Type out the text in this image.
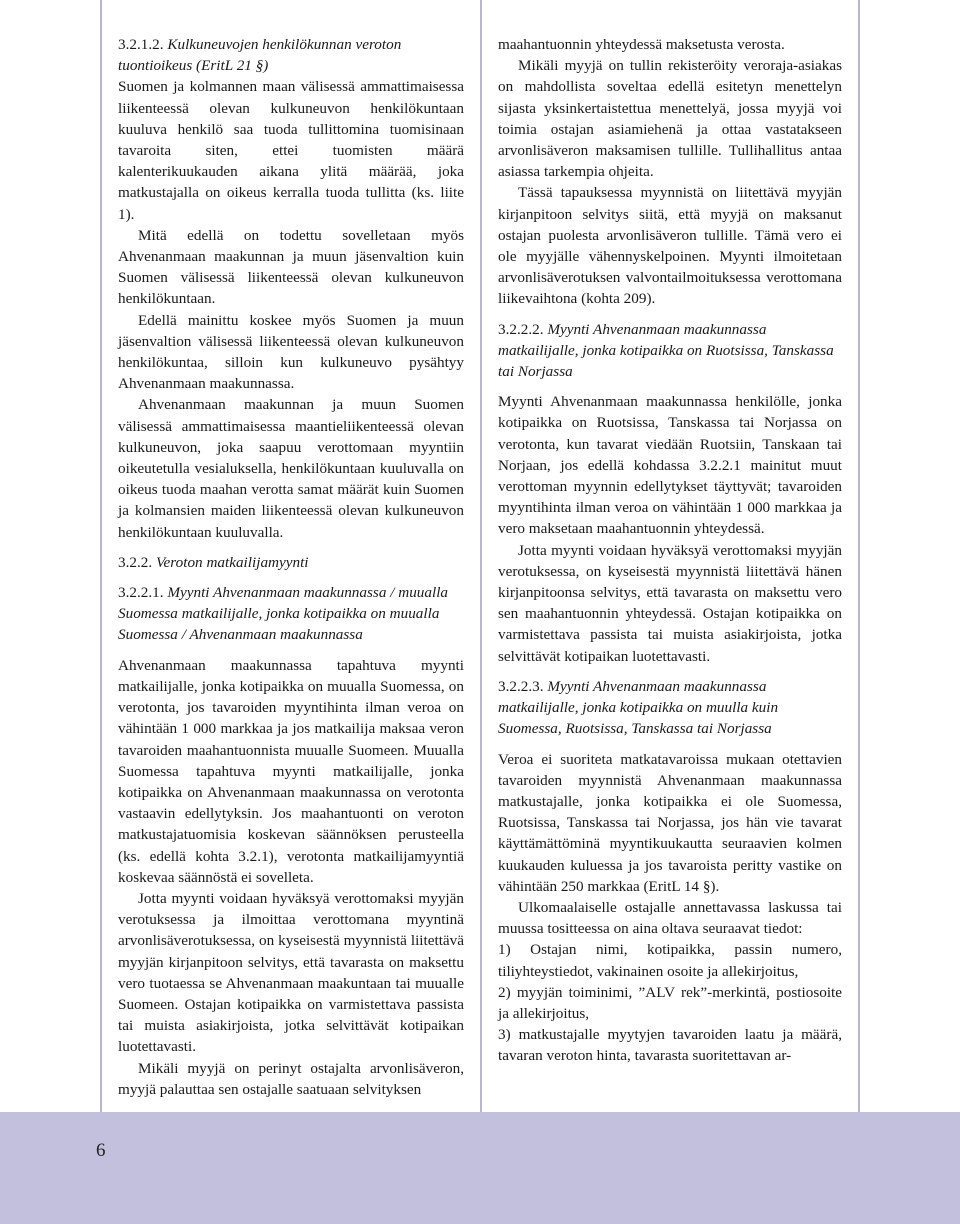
3.2.1.2. Kulkuneuvojen henkilökunnan veroton tuontioikeus (EritL 21 §)

Suomen ja kolmannen maan välisessä ammattimaisessa liikenteessä olevan kulkuneuvon henkilökuntaan kuuluva henkilö saa tuoda tullittomina tuomisinaan tavaroita siten, ettei tuomisten määrä kalenterikuukauden aikana ylitä määrää, joka matkustajalla on oikeus kerralla tuoda tullitta (ks. liite 1).

Mitä edellä on todettu sovelletaan myös Ahvenanmaan maakunnan ja muun jäsenvaltion kuin Suomen välisessä liikenteessä olevan kulkuneuvon henkilökuntaan.

Edellä mainittu koskee myös Suomen ja muun jäsenvaltion välisessä liikenteessä olevan kulkuneuvon henkilökuntaa, silloin kun kulkuneuvo pysähtyy Ahvenanmaan maakunnassa.

Ahvenanmaan maakunnan ja muun Suomen välisessä ammattimaisessa maantieliikenteessä olevan kulkuneuvon, joka saapuu verottomaan myyntiin oikeutetulla vesialuksella, henkilökuntaan kuuluvalla on oikeus tuoda maahan verotta samat määrät kuin Suomen ja kolmansien maiden liikenteessä olevan kulkuneuvon henkilökuntaan kuuluvalla.

3.2.2. Veroton matkailijamyynti
3.2.2.1. Myynti Ahvenanmaan maakunnassa / muualla Suomessa matkailijalle, jonka kotipaikka on muualla Suomessa / Ahvenanmaan maakunnassa

Ahvenanmaan maakunnassa tapahtuva myynti matkailijalle, jonka kotipaikka on muualla Suomessa, on verotonta, jos tavaroiden myyntihinta ilman veroa on vähintään 1 000 markkaa ja jos matkailija maksaa veron tavaroiden maahantuonnista muualle Suomeen. Muualla Suomessa tapahtuva myynti matkailijalle, jonka kotipaikka on Ahvenanmaan maakunnassa on verotonta vastaavin edellytyksin. Jos maahantuonti on veroton matkustajatuomisia koskevan säännöksen perusteella (ks. edellä kohta 3.2.1), verotonta matkailijamyyntiä koskevaa säännöstä ei sovelleta.

Jotta myynti voidaan hyväksyä verottomaksi myyjän verotuksessa ja ilmoittaa verottomana myyntinä arvonlisäverotuksessa, on kyseisestä myynnistä liitettävä myyjän kirjanpitoon selvitys, että tavarasta on maksettu vero tuotaessa se Ahvenanmaan maakuntaan tai muualle Suomeen. Ostajan kotipaikka on varmistettava passista tai muista asiakirjoista, jotka selvittävät kotipaikan luotettavasti.

Mikäli myyjä on perinyt ostajalta arvonlisäveron, myyjä palauttaa sen ostajalle saatuaan selvityksen

maahantuonnin yhteydessä maksetusta verosta.

Mikäli myyjä on tullin rekisteröity veroraja-asiakas on mahdollista soveltaa edellä esitetyn menettelyn sijasta yksinkertaistettua menettelyä, jossa myyjä voi toimia ostajan asiamiehenä ja ottaa vastatakseen arvonlisäveron maksamisen tullille. Tullihallitus antaa asiassa tarkempia ohjeita.

Tässä tapauksessa myynnistä on liitettävä myyjän kirjanpitoon selvitys siitä, että myyjä on maksanut ostajan puolesta arvonlisäveron tullille. Tämä vero ei ole myyjälle vähennyskelpoinen. Myynti ilmoitetaan arvonlisäverotuksen valvontailmoituksessa verottomana liikevaihtona (kohta 209).

3.2.2.2. Myynti Ahvenanmaan maakunnassa matkailijalle, jonka kotipaikka on Ruotsissa, Tanskassa tai Norjassa

Myynti Ahvenanmaan maakunnassa henkilölle, jonka kotipaikka on Ruotsissa, Tanskassa tai Norjassa on verotonta, kun tavarat viedään Ruotsiin, Tanskaan tai Norjaan, jos edellä kohdassa 3.2.2.1 mainitut muut verottoman myynnin edellytykset täyttyvät; tavaroiden myyntihinta ilman veroa on vähintään 1 000 markkaa ja vero maksetaan maahantuonnin yhteydessä.

Jotta myynti voidaan hyväksyä verottomaksi myyjän verotuksessa, on kyseisestä myynnistä liitettävä hänen kirjanpitoonsa selvitys, että tavarasta on maksettu vero sen maahantuonnin yhteydessä. Ostajan kotipaikka on varmistettava passista tai muista asiakirjoista, jotka selvittävät kotipaikan luotettavasti.

3.2.2.3. Myynti Ahvenanmaan maakunnassa matkailijalle, jonka kotipaikka on muulla kuin Suomessa, Ruotsissa, Tanskassa tai Norjassa

Veroa ei suoriteta matkatavaroissa mukaan otettavien tavaroiden myynnistä Ahvenanmaan maakunnassa matkustajalle, jonka kotipaikka ei ole Suomessa, Ruotsissa, Tanskassa tai Norjassa, jos hän vie tavarat käyttämättöminä myyntikuukautta seuraavien kolmen kuukauden kuluessa ja jos tavaroista peritty vastike on vähintään 250 markkaa (EritL 14 §).

Ulkomaalaiselle ostajalle annettavassa laskussa tai muussa tositteessa on aina oltava seuraavat tiedot:

1) Ostajan nimi, kotipaikka, passin numero, tiliyhteystiedot, vakinainen osoite ja allekirjoitus,
2) myyjän toiminimi, ”ALV rek”-merkintä, postiosoite ja allekirjoitus,
3) matkustajalle myytyjen tavaroiden laatu ja määrä, tavaran veroton hinta, tavarasta suoritettavan ar-
6
